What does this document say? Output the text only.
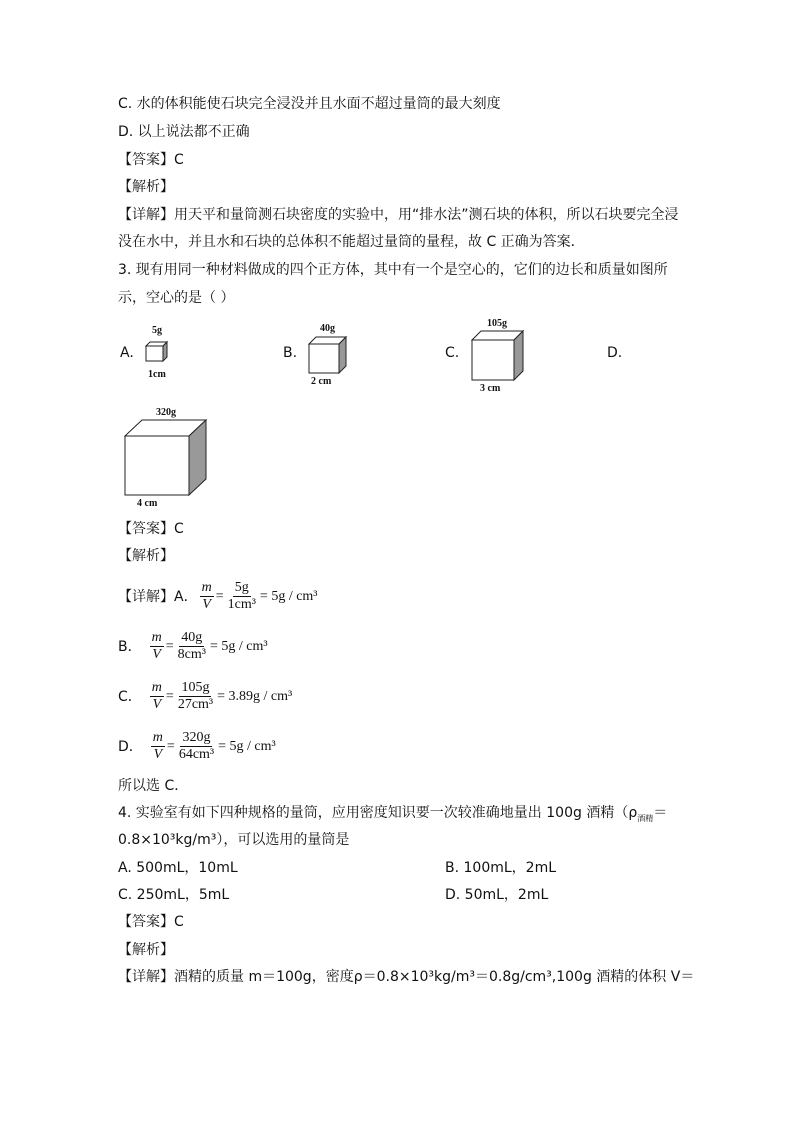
C. 水的体积能使石块完全浸没并且水面不超过量筒的最大刻度
D. 以上说法都不正确
【答案】C
【解析】
【详解】用天平和量筒测石块密度的实验中，用“排水法”测石块的体积，所以石块要完全浸
没在水中，并且水和石块的总体积不能超过量筒的量程，故 C 正确为答案．
3. 现有用同一种材料做成的四个正方体，其中有一个是空心的，它们的边长和质量如图所
示，空心的是（ ）
A.
5g
1cm
B.
40g
2 cm
C.
105g
3 cm
D.
320g
4 cm
【答案】C
【解析】
【详解】A． $\frac{m}{V} = \frac{5g}{\text{1cm³}} = 5g / cm^3$
B． $\frac{m}{V} = \frac{40g}{\text{8cm³}} = 5g / cm^3$
C． $\frac{m}{V} = \frac{105g}{\text{27cm³}} = 3.89g / cm^3$
D． $\frac{m}{V} = \frac{320g}{\text{64cm³}} = 5g / cm^3$
所以选 C．
4. 实验室有如下四种规格的量筒，应用密度知识要一次较准确地量出 100g 酒精（$\rho_{酒精}=$
0.8×10³kg/m³），可以选用的量筒是
A. 500mL，10mL	B. 100mL，2mL
C. 250mL，5mL	D. 50mL，2mL
【答案】C
【解析】
【详解】酒精的质量 m＝100g，密度ρ＝0.8×10³kg/m³＝0.8g/cm³,100g 酒精的体积 V＝
